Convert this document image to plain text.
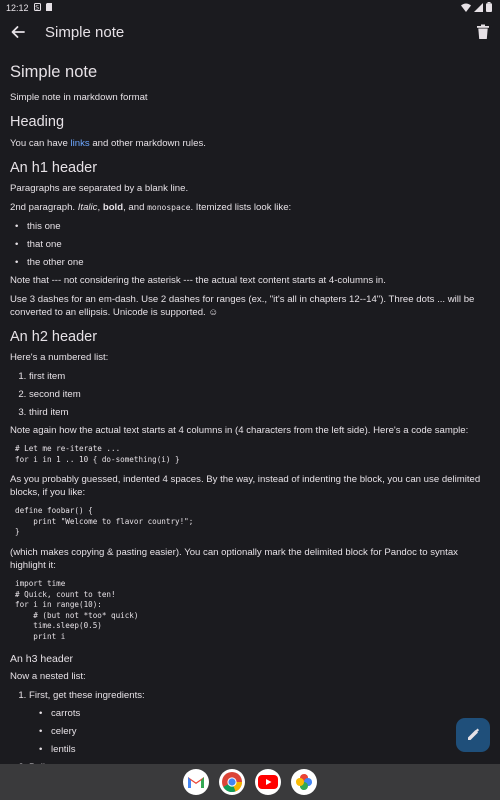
12:12 S
Simple note
Simple note

Simple note in markdown format

Heading

You can have links and other markdown rules.

An h1 header

Paragraphs are separated by a blank line.

2nd paragraph. Italic, bold, and monospace. Itemized lists look like:

• this one
• that one
• the other one

Note that --- not considering the asterisk --- the actual text content starts at 4-columns in.

Use 3 dashes for an em-dash. Use 2 dashes for ranges (ex., "it's all in chapters 12--14"). Three dots ... will be converted to an ellipsis. Unicode is supported. ☺

An h2 header

Here's a numbered list:

1. first item
2. second item
3. third item

Note again how the actual text starts at 4 columns in (4 characters from the left side). Here's a code sample:

# Let me re-iterate ...
for i in 1 .. 10 { do-something(i) }

As you probably guessed, indented 4 spaces. By the way, instead of indenting the block, you can use delimited blocks, if you like:

define foobar() {
print "Welcome to flavor country!";
}

(which makes copying & pasting easier). You can optionally mark the delimited block for Pandoc to syntax highlight it:

import time
# Quick, count to ten!
for i in range(10):
# (but not *too* quick)
time.sleep(0.5)
print i
An h3 header

Now a nested list:

1. First, get these ingredients:
• carrots
• celery
• lentils
2.
